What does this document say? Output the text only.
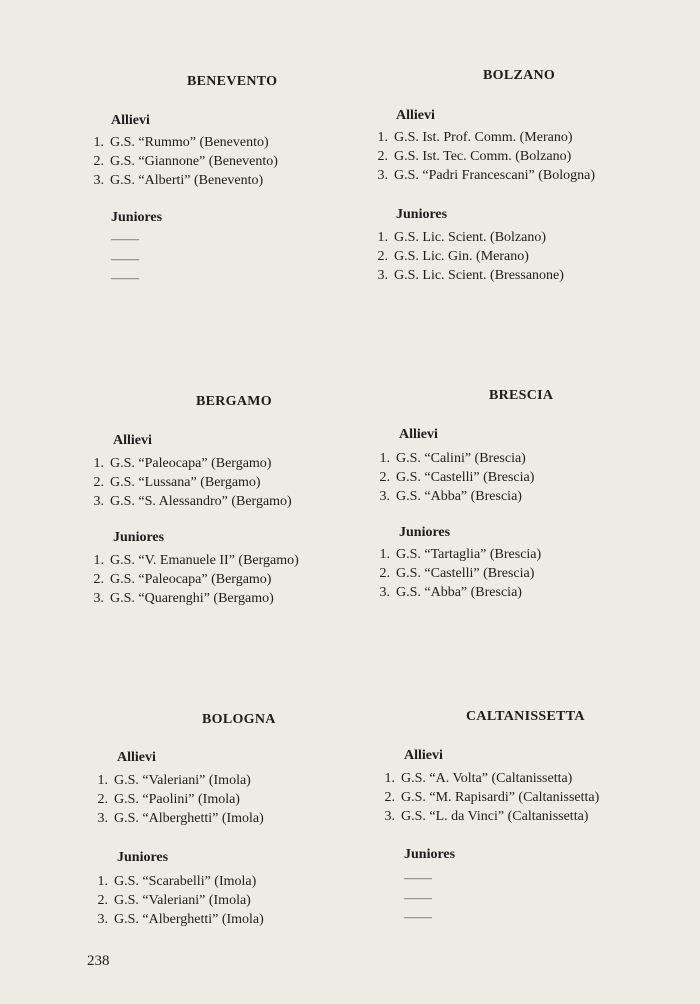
BENEVENTO
Allievi
1. G.S. “Rummo” (Benevento)
2. G.S. “Giannone” (Benevento)
3. G.S. “Alberti” (Benevento)
Juniores
——
——
——
BOLZANO
Allievi
1. G.S. Ist. Prof. Comm. (Merano)
2. G.S. Ist. Tec. Comm. (Bolzano)
3. G.S. “Padri Francescani” (Bologna)
Juniores
1. G.S. Lic. Scient. (Bolzano)
2. G.S. Lic. Gin. (Merano)
3. G.S. Lic. Scient. (Bressanone)
BERGAMO
Allievi
1. G.S. “Paleocapa” (Bergamo)
2. G.S. “Lussana” (Bergamo)
3. G.S. “S. Alessandro” (Bergamo)
Juniores
1. G.S. “V. Emanuele II” (Bergamo)
2. G.S. “Paleocapa” (Bergamo)
3. G.S. “Quarenghi” (Bergamo)
BRESCIA
Allievi
1. G.S. “Calini” (Brescia)
2. G.S. “Castelli” (Brescia)
3. G.S. “Abba” (Brescia)
Juniores
1. G.S. “Tartaglia” (Brescia)
2. G.S. “Castelli” (Brescia)
3. G.S. “Abba” (Brescia)
BOLOGNA
Allievi
1. G.S. “Valeriani” (Imola)
2. G.S. “Paolini” (Imola)
3. G.S. “Alberghetti” (Imola)
Juniores
1. G.S. “Scarabelli” (Imola)
2. G.S. “Valeriani” (Imola)
3. G.S. “Alberghetti” (Imola)
CALTANISSETTA
Allievi
1. G.S. “A. Volta” (Caltanissetta)
2. G.S. “M. Rapisardi” (Caltanissetta)
3. G.S. “L. da Vinci” (Caltanissetta)
Juniores
——
——
——
238
